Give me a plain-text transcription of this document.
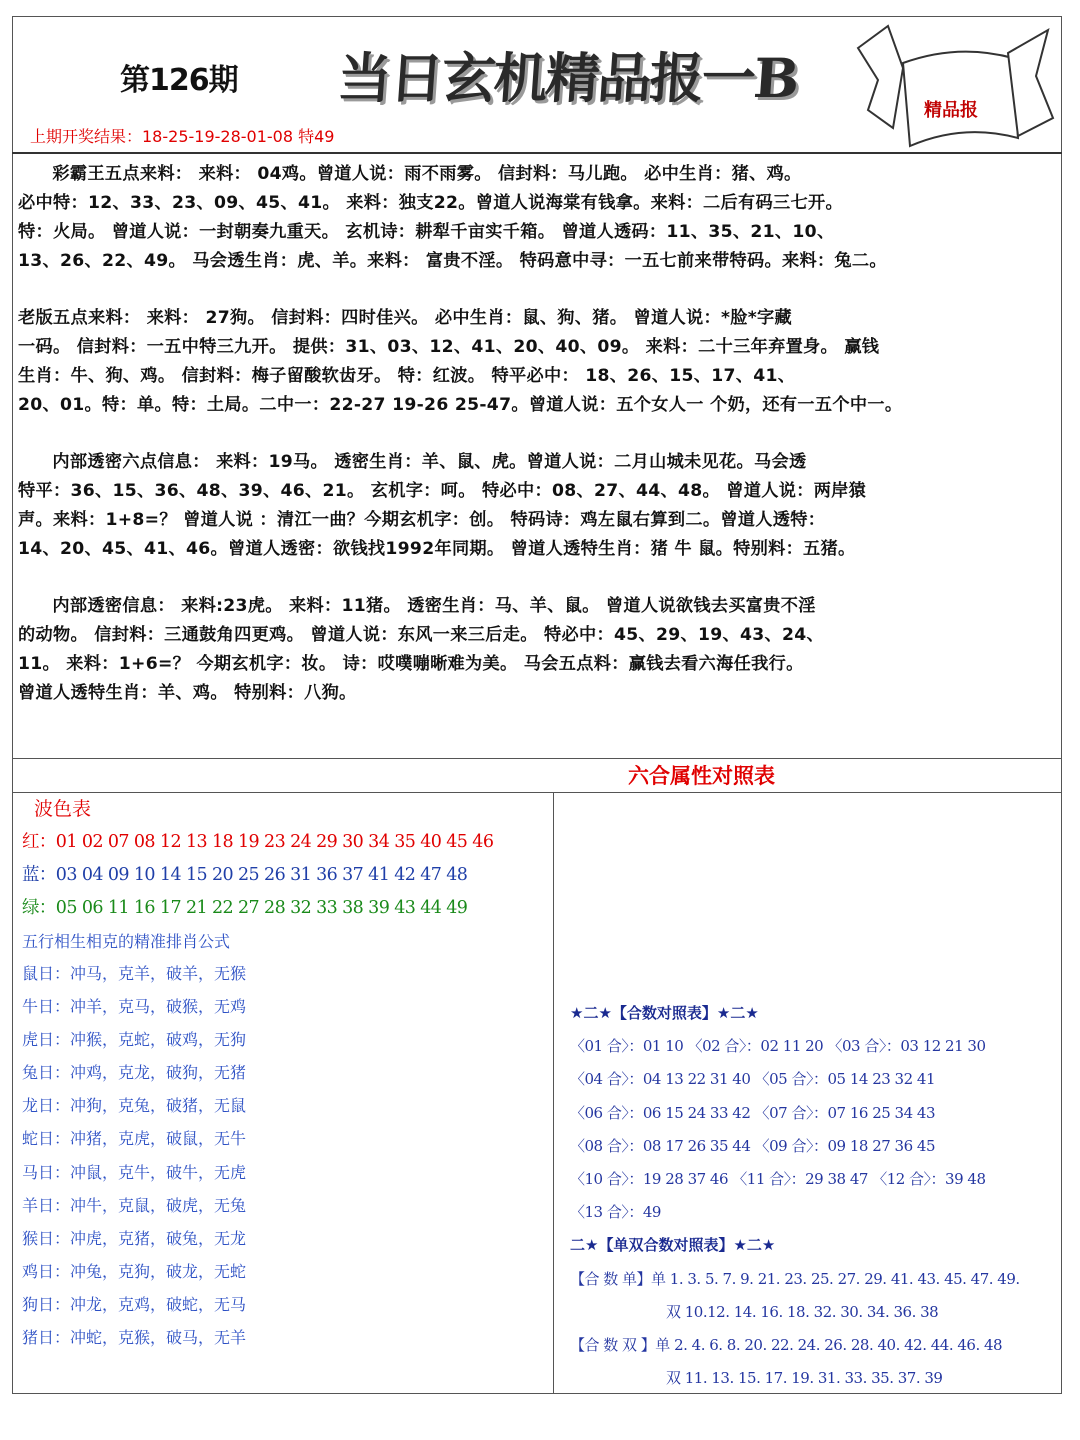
第126期 当日玄机精品报一B
精品报
上期开奖结果：18-25-19-28-01-08 特49

彩霸王五点来料： 来料： 04鸡。曾道人说：雨不雨雾。 信封料：马儿跑。 必中生肖：猪、鸡。
必中特：12、33、23、09、45、41。 来料：独支22。曾道人说海棠有钱拿。来料：二后有码三七开。
特：火局。 曾道人说：一封朝奏九重天。 玄机诗：耕犁千亩实千箱。 曾道人透码：11、35、21、10、
13、26、22、49。 马会透生肖：虎、羊。来料： 富贵不淫。 特码意中寻：一五七前来带特码。来料：兔二。

老版五点来料： 来料： 27狗。 信封料：四时佳兴。 必中生肖：鼠、狗、猪。 曾道人说：*脸*字藏
一码。 信封料：一五中特三九开。 提供：31、03、12、41、20、40、09。 来料：二十三年弃置身。 赢钱
生肖：牛、狗、鸡。 信封料：梅子留酸软齿牙。 特：红波。 特平必中： 18、26、15、17、41、
20、01。特：单。特：土局。二中一：22-27 19-26 25-47。曾道人说：五个女人一 个奶，还有一五个中一。

内部透密六点信息： 来料：19马。 透密生肖：羊、鼠、虎。曾道人说：二月山城未见花。马会透
特平：36、15、36、48、39、46、21。 玄机字：呵。 特必中：08、27、44、48。 曾道人说：两岸猿
声。来料：1+8=？ 曾道人说 ：清江一曲？今期玄机字：创。 特码诗：鸡左鼠右算到二。曾道人透特：
14、20、45、41、46。曾道人透密：欲钱找1992年同期。 曾道人透特生肖：猪 牛 鼠。特别料：五猪。

内部透密信息： 来料:23虎。 来料：11猪。 透密生肖：马、羊、鼠。 曾道人说欲钱去买富贵不淫
的动物。 信封料：三通鼓角四更鸡。 曾道人说：东风一来三后走。 特必中：45、29、19、43、24、
11。 来料：1+6=？ 今期玄机字：妆。 诗：哎噗嘣晰难为美。 马会五点料：赢钱去看六海任我行。
曾道人透特生肖：羊、鸡。 特别料：八狗。

六合属性对照表
波色表
红：01 02 07 08 12 13 18 19 23 24 29 30 34 35 40 45 46
蓝：03 04 09 10 14 15 20 25 26 31 36 37 41 42 47 48
绿：05 06 11 16 17 21 22 27 28 32 33 38 39 43 44 49
五行相生相克的精准排肖公式
鼠日：冲马，克羊，破羊，无猴
牛日：冲羊，克马，破猴，无鸡
虎日：冲猴，克蛇，破鸡，无狗
兔日：冲鸡，克龙，破狗，无猪
龙日：冲狗，克兔，破猪，无鼠
蛇日：冲猪，克虎，破鼠，无牛
马日：冲鼠，克牛，破牛，无虎
羊日：冲牛，克鼠，破虎，无兔
猴日：冲虎，克猪，破兔，无龙
鸡日：冲兔，克狗，破龙，无蛇
狗日：冲龙，克鸡，破蛇，无马
猪日：冲蛇，克猴，破马，无羊
★二★【合数对照表】★二★
〈01 合〉：01 10 〈02 合〉：02 11 20 〈03 合〉：03 12 21 30
〈04 合〉：04 13 22 31 40 〈05 合〉：05 14 23 32 41
〈06 合〉：06 15 24 33 42 〈07 合〉：07 16 25 34 43
〈08 合〉：08 17 26 35 44 〈09 合〉：09 18 27 36 45
〈10 合〉：19 28 37 46 〈11 合〉：29 38 47 〈12 合〉：39 48
〈13 合〉：49
二★【单双合数对照表】★二★
【合 数 单】单 1. 3. 5. 7. 9. 21. 23. 25. 27. 29. 41. 43. 45. 47. 49.
双 10.12. 14. 16. 18. 32. 30. 34. 36. 38
【合 数 双 】单 2. 4. 6. 8. 20. 22. 24. 26. 28. 40. 42. 44. 46. 48
双 11. 13. 15. 17. 19. 31. 33. 35. 37. 39
